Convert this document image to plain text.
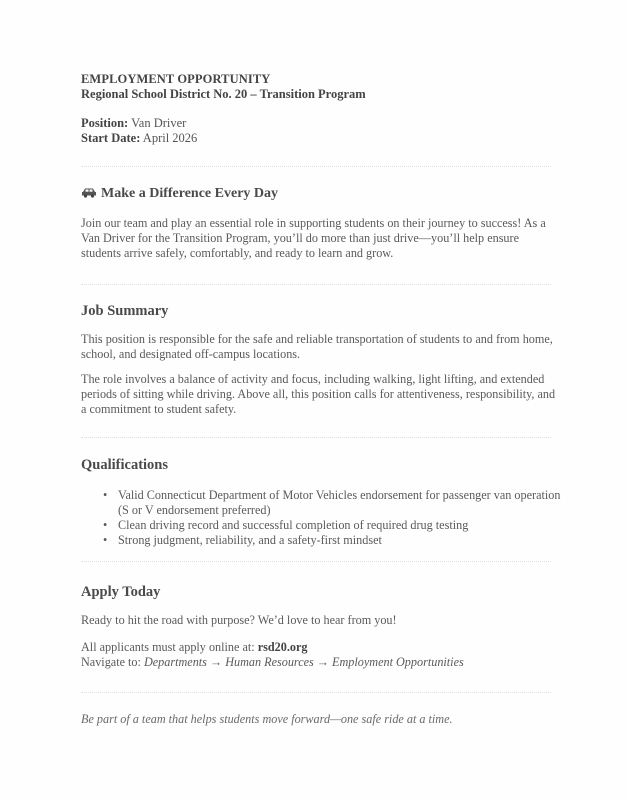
EMPLOYMENT OPPORTUNITY
Regional School District No. 20 – Transition Program
Position: Van Driver
Start Date: April 2026
Make a Difference Every Day
Join our team and play an essential role in supporting students on their journey to success! As a Van Driver for the Transition Program, you’ll do more than just drive—you’ll help ensure students arrive safely, comfortably, and ready to learn and grow.
Job Summary
This position is responsible for the safe and reliable transportation of students to and from home, school, and designated off-campus locations.
The role involves a balance of activity and focus, including walking, light lifting, and extended periods of sitting while driving. Above all, this position calls for attentiveness, responsibility, and a commitment to student safety.
Qualifications
• Valid Connecticut Department of Motor Vehicles endorsement for passenger van operation (S or V endorsement preferred)
• Clean driving record and successful completion of required drug testing
• Strong judgment, reliability, and a safety-first mindset
Apply Today
Ready to hit the road with purpose? We’d love to hear from you!
All applicants must apply online at: rsd20.org
Navigate to: Departments → Human Resources → Employment Opportunities
Be part of a team that helps students move forward—one safe ride at a time.
